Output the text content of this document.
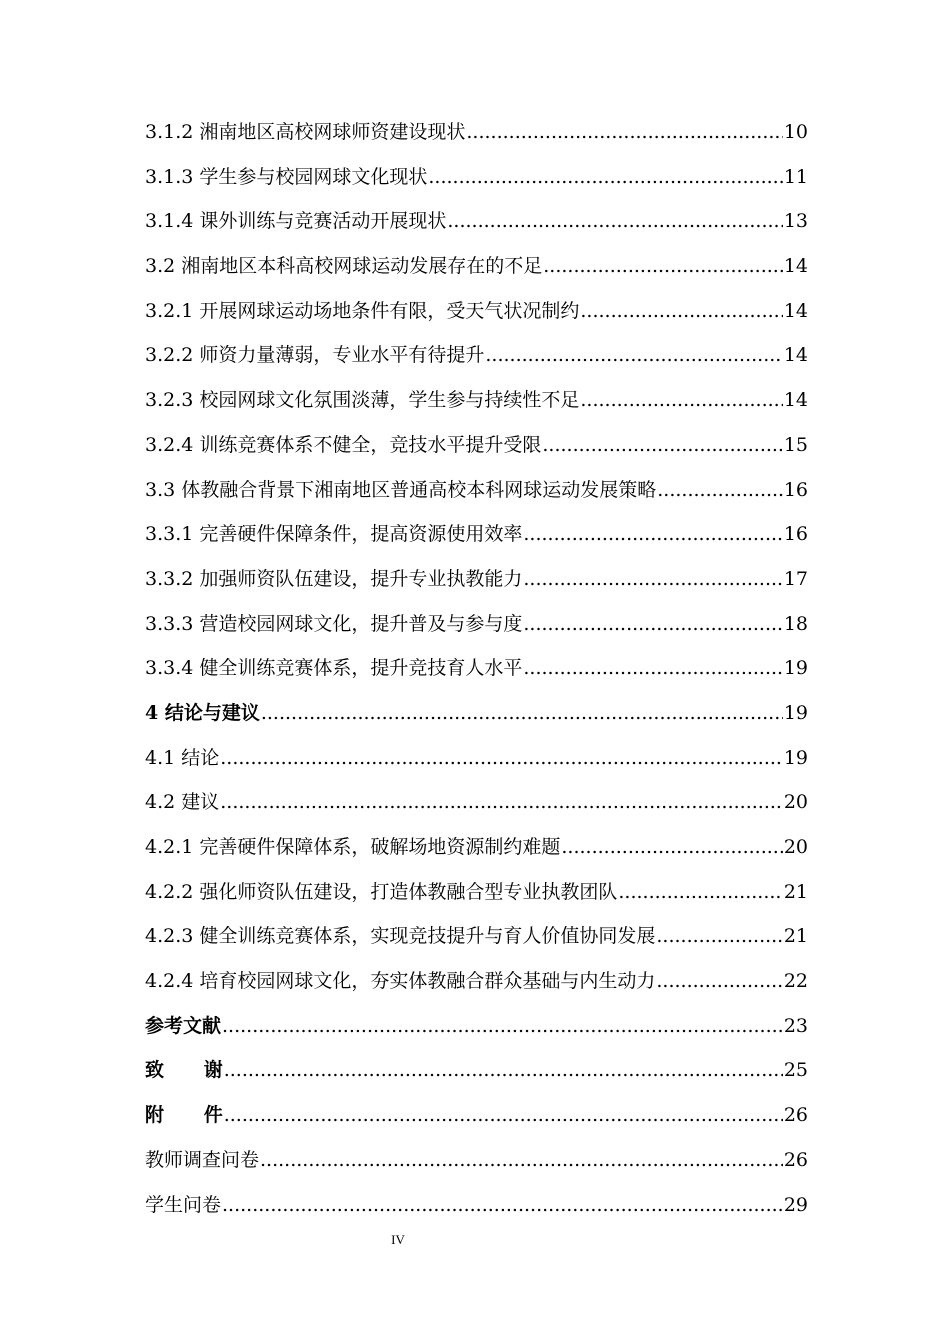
3.1.2 湘南地区高校网球师资建设现状 .....	10
3.1.3 学生参与校园网球文化现状 .....	11
3.1.4 课外训练与竞赛活动开展现状 .....	13
3.2 湘南地区本科高校网球运动发展存在的不足 .....	14
3.2.1 开展网球运动场地条件有限，受天气状况制约 .....	14
3.2.2 师资力量薄弱，专业水平有待提升 .....	14
3.2.3 校园网球文化氛围淡薄，学生参与持续性不足 .....	14
3.2.4 训练竞赛体系不健全，竞技水平提升受限 .....	15
3.3 体教融合背景下湘南地区普通高校本科网球运动发展策略 .....	16
3.3.1 完善硬件保障条件，提高资源使用效率 .....	16
3.3.2 加强师资队伍建设，提升专业执教能力 .....	17
3.3.3 营造校园网球文化，提升普及与参与度 .....	18
3.3.4 健全训练竞赛体系，提升竞技育人水平 .....	19
4 结论与建议 .....	19
4.1 结论 .....	19
4.2 建议 .....	20
4.2.1 完善硬件保障体系，破解场地资源制约难题 .....	20
4.2.2 强化师资队伍建设，打造体教融合型专业执教团队 .....	21
4.2.3 健全训练竞赛体系，实现竞技提升与育人价值协同发展 .....	21
4.2.4 培育校园网球文化，夯实体教融合群众基础与内生动力 .....	22
参考文献 .....	23
致      谢 .....	25
附      件 .....	26
教师调查问卷 .....	26
学生问卷 .....	29
IV
